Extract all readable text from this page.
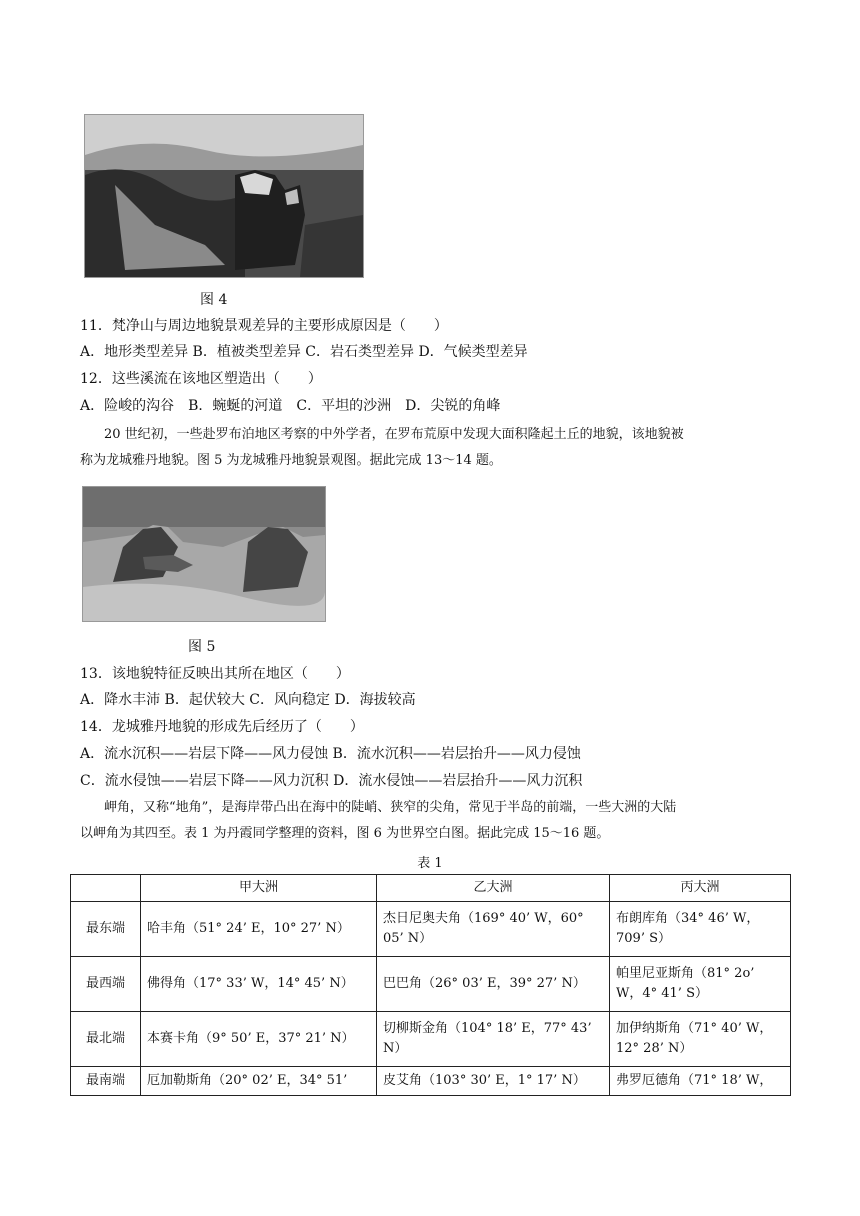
图 4
11．梵净山与周边地貌景观差异的主要形成原因是（　　）
A．地形类型差异 B．植被类型差异 C．岩石类型差异 D．气候类型差异
12．这些溪流在该地区塑造出（　　）
A．险峻的沟谷　B．蜿蜒的河道　C．平坦的沙洲　D．尖锐的角峰
20 世纪初，一些赴罗布泊地区考察的中外学者，在罗布荒原中发现大面积隆起土丘的地貌，该地貌被
称为龙城雅丹地貌。图 5 为龙城雅丹地貌景观图。据此完成 13～14 题。
图 5
13．该地貌特征反映出其所在地区（　　）
A．降水丰沛 B．起伏较大 C．风向稳定 D．海拔较高
14．龙城雅丹地貌的形成先后经历了（　　）
A．流水沉积——岩层下降——风力侵蚀 B．流水沉积——岩层抬升——风力侵蚀
C．流水侵蚀——岩层下降——风力沉积 D．流水侵蚀——岩层抬升——风力沉积
岬角，又称“地角”，是海岸带凸出在海中的陡峭、狭窄的尖角，常见于半岛的前端，一些大洲的大陆
以岬角为其四至。表 1 为丹霞同学整理的资料，图 6 为世界空白图。据此完成 15～16 题。
表 1
	甲大洲	乙大洲	丙大洲
最东端	哈丰角（51° 24’ E，10° 27’ N）	杰日尼奥夫角（169° 40’ W，60° 05’ N）	布朗库角（34° 46’ W，709’ S）
最西端	佛得角（17° 33’ W，14° 45’ N）	巴巴角（26° 03’ E，39° 27’ N）	帕里尼亚斯角（81° 2o’ W，4° 41’ S）
最北端	本赛卡角（9° 50’ E，37° 21’ N）	切柳斯金角（104° 18’ E，77° 43’ N）	加伊纳斯角（71° 40’ W，12° 28’ N）
最南端	厄加勒斯角（20° 02’ E，34° 51’	皮艾角（103° 30’ E，1° 17’ N）	弗罗厄德角（71° 18’ W，
